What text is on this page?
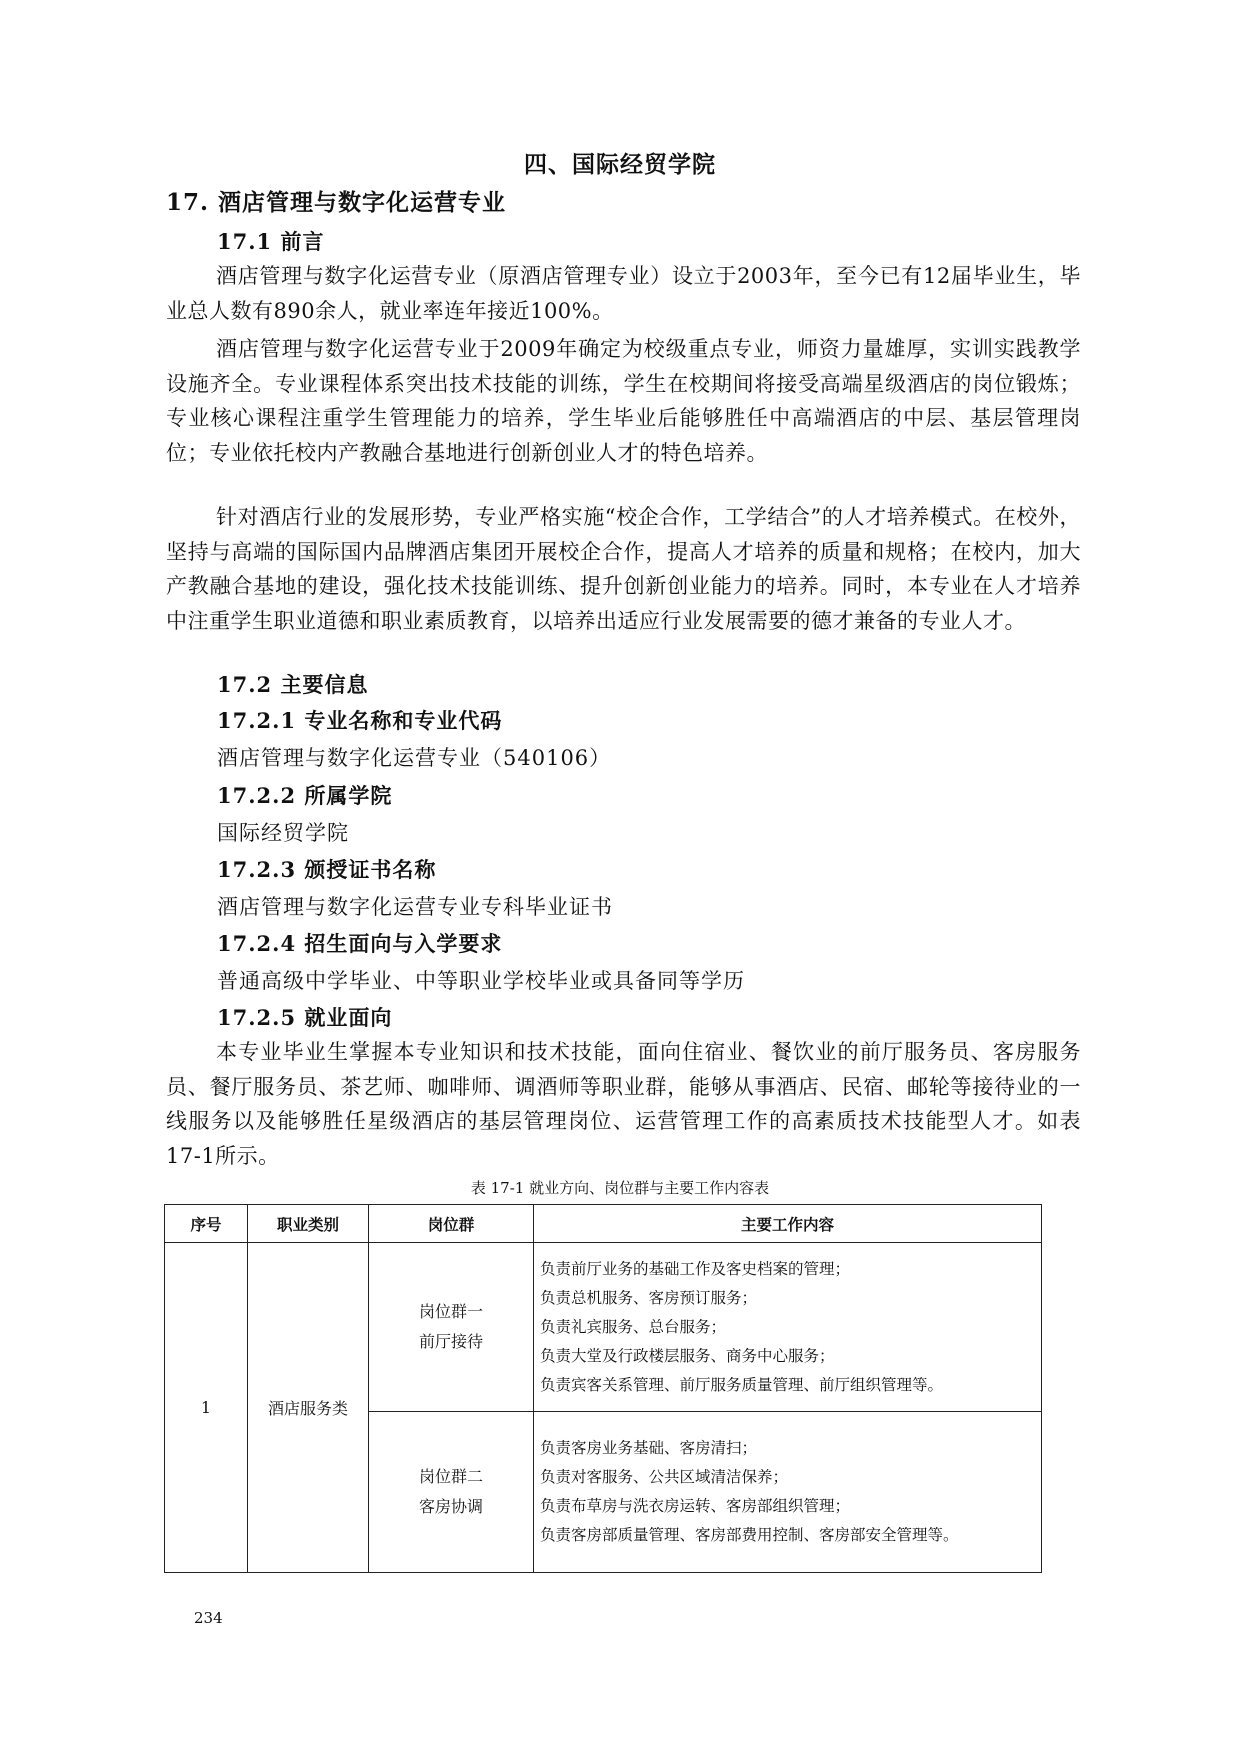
四、国际经贸学院
17. 酒店管理与数字化运营专业
17.1 前言

酒店管理与数字化运营专业（原酒店管理专业）设立于2003年，至今已有12届毕业生，毕业总人数有890余人，就业率连年接近100%。

酒店管理与数字化运营专业于2009年确定为校级重点专业，师资力量雄厚，实训实践教学设施齐全。专业课程体系突出技术技能的训练，学生在校期间将接受高端星级酒店的岗位锻炼；专业核心课程注重学生管理能力的培养，学生毕业后能够胜任中高端酒店的中层、基层管理岗位；专业依托校内产教融合基地进行创新创业人才的特色培养。

针对酒店行业的发展形势，专业严格实施“校企合作，工学结合”的人才培养模式。在校外，坚持与高端的国际国内品牌酒店集团开展校企合作，提高人才培养的质量和规格；在校内，加大产教融合基地的建设，强化技术技能训练、提升创新创业能力的培养。同时，本专业在人才培养中注重学生职业道德和职业素质教育，以培养出适应行业发展需要的德才兼备的专业人才。

17.2 主要信息
17.2.1 专业名称和专业代码

酒店管理与数字化运营专业（540106）

17.2.2 所属学院

国际经贸学院

17.2.3 颁授证书名称

酒店管理与数字化运营专业专科毕业证书

17.2.4 招生面向与入学要求

普通高级中学毕业、中等职业学校毕业或具备同等学历

17.2.5 就业面向

本专业毕业生掌握本专业知识和技术技能，面向住宿业、餐饮业的前厅服务员、客房服务员、餐厅服务员、茶艺师、咖啡师、调酒师等职业群，能够从事酒店、民宿、邮轮等接待业的一线服务以及能够胜任星级酒店的基层管理岗位、运营管理工作的高素质技术技能型人才。如表17-1所示。

表 17-1 就业方向、岗位群与主要工作内容表
序号	职业类别	岗位群	主要工作内容
1	酒店服务类	岗位群一
前厅接待	负责前厅业务的基础工作及客史档案的管理；
负责总机服务、客房预订服务；
负责礼宾服务、总台服务；
负责大堂及行政楼层服务、商务中心服务；
负责宾客关系管理、前厅服务质量管理、前厅组织管理等。

		岗位群二
客房协调	负责客房业务基础、客房清扫；
负责对客服务、公共区域清洁保养；
负责布草房与洗衣房运转、客房部组织管理；
负责客房部质量管理、客房部费用控制、客房部安全管理等。
234
